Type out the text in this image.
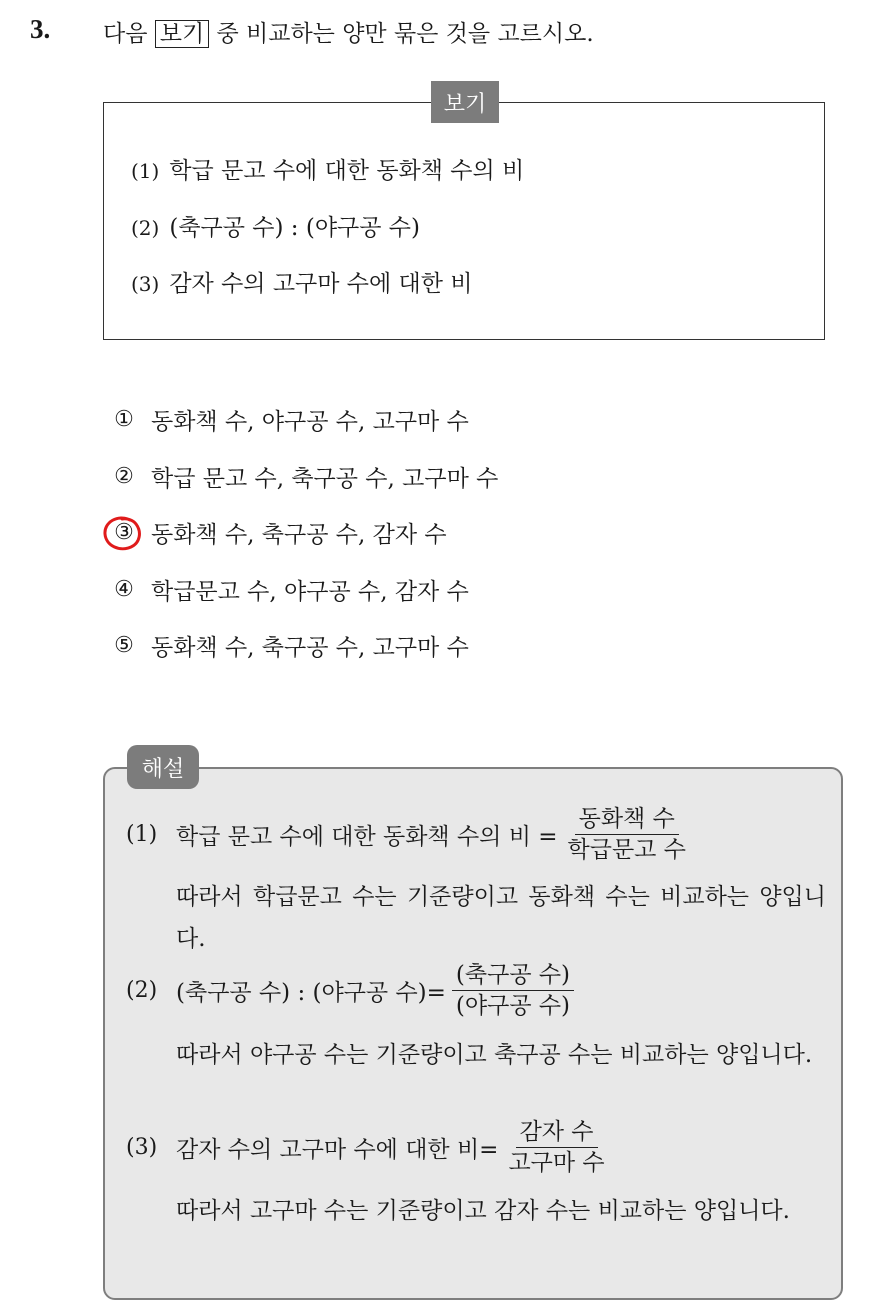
3. 다음 보기 중 비교하는 양만 묶은 것을 고르시오.
보기
(1) 학급 문고 수에 대한 동화책 수의 비
(2) (축구공 수) : (야구공 수)
(3) 감자 수의 고구마 수에 대한 비
① 동화책 수, 야구공 수, 고구마 수
② 학급 문고 수, 축구공 수, 고구마 수
③ 동화책 수, 축구공 수, 감자 수
④ 학급문고 수, 야구공 수, 감자 수
⑤ 동화책 수, 축구공 수, 고구마 수
해설
(1) 학급 문고 수에 대한 동화책 수의 비 = $\frac{\text{동화책 수}}{\text{학급문고 수}}$
따라서 학급문고 수는 기준량이고 동화책 수는 비교하는 양입니다.
(2) (축구공 수) : (야구공 수)= $\frac{\text{(축구공 수)}}{\text{(야구공 수)}}$
따라서 야구공 수는 기준량이고 축구공 수는 비교하는 양입니다.
(3) 감자 수의 고구마 수에 대한 비= $\frac{\text{감자 수}}{\text{고구마 수}}$
따라서 고구마 수는 기준량이고 감자 수는 비교하는 양입니다.
